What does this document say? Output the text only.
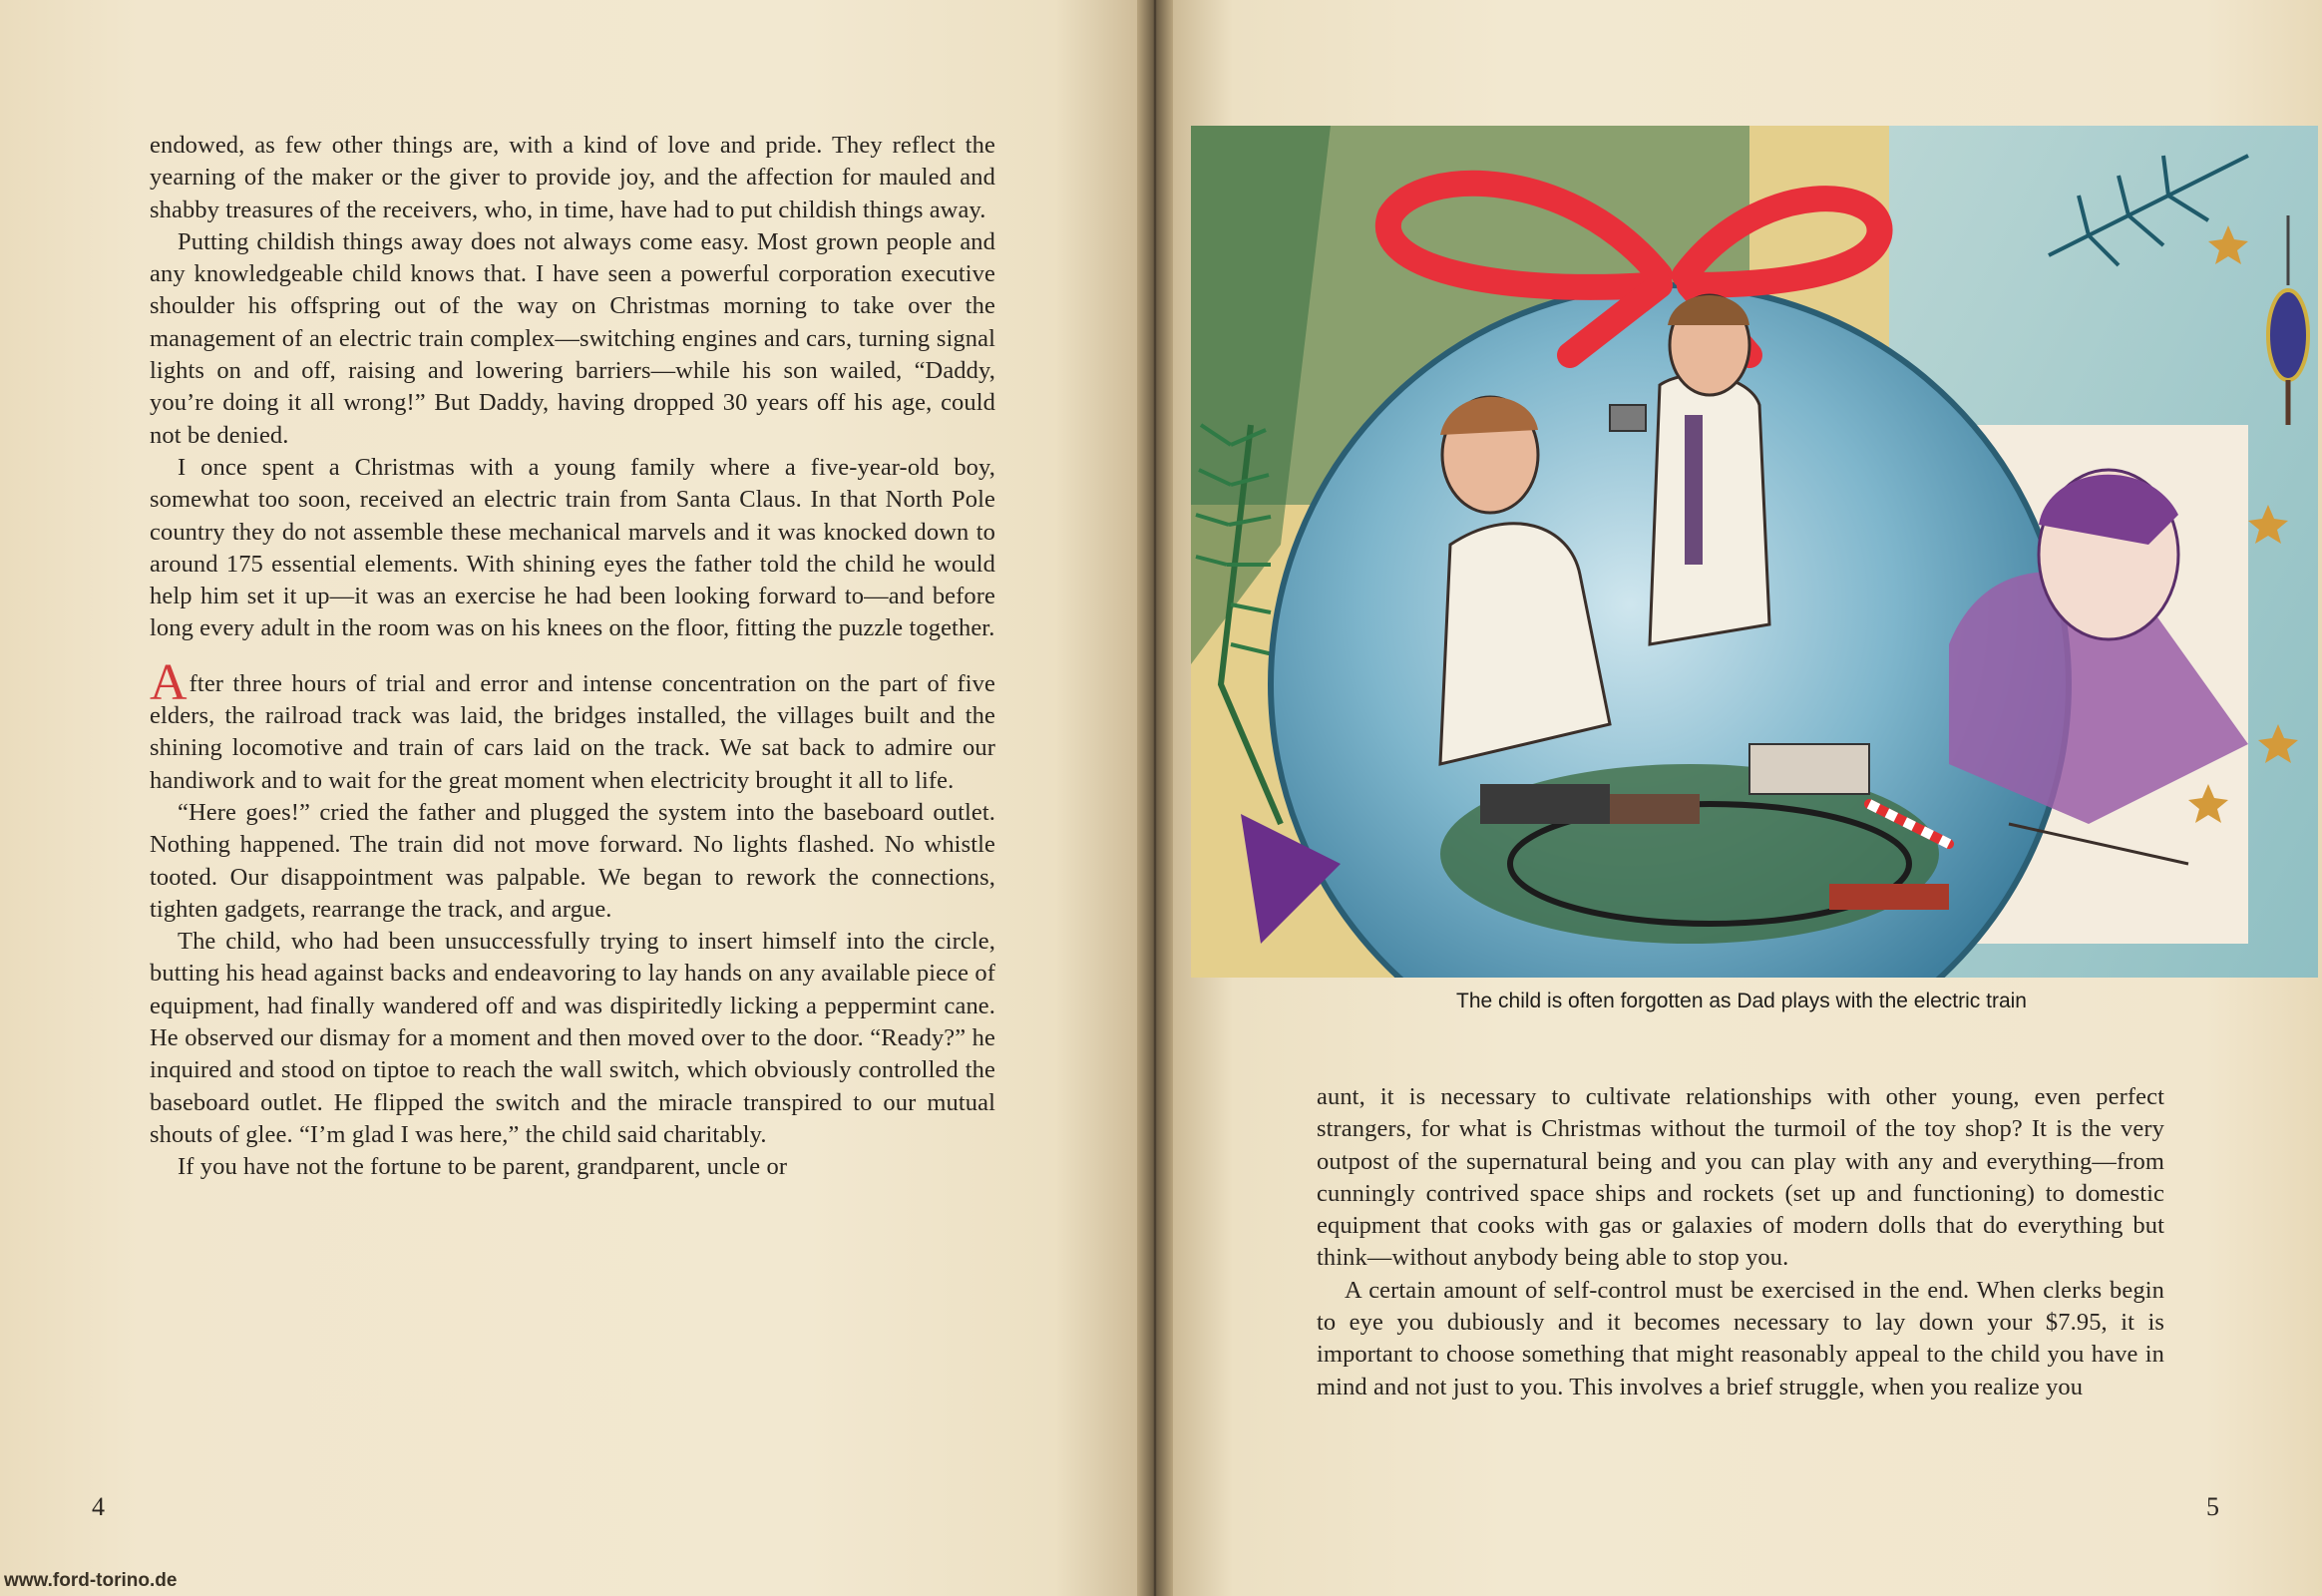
endowed, as few other things are, with a kind of love and pride. They reflect the yearning of the maker or the giver to provide joy, and the affection for mauled and shabby treasures of the receivers, who, in time, have had to put childish things away.

Putting childish things away does not always come easy. Most grown people and any knowledgeable child knows that. I have seen a powerful corporation executive shoulder his offspring out of the way on Christmas morning to take over the management of an electric train complex—switching engines and cars, turning signal lights on and off, raising and lowering barriers—while his son wailed, “Daddy, you’re doing it all wrong!” But Daddy, having dropped 30 years off his age, could not be denied.

I once spent a Christmas with a young family where a five-year-old boy, somewhat too soon, received an electric train from Santa Claus. In that North Pole country they do not assemble these mechanical marvels and it was knocked down to around 175 essential elements. With shining eyes the father told the child he would help him set it up—it was an exercise he had been looking forward to—and before long every adult in the room was on his knees on the floor, fitting the puzzle together.

After three hours of trial and error and intense concentration on the part of five elders, the railroad track was laid, the bridges installed, the villages built and the shining locomotive and train of cars laid on the track. We sat back to admire our handiwork and to wait for the great moment when electricity brought it all to life.

“Here goes!” cried the father and plugged the system into the baseboard outlet. Nothing happened. The train did not move forward. No lights flashed. No whistle tooted. Our disappointment was palpable. We began to rework the connections, tighten gadgets, rearrange the track, and argue.

The child, who had been unsuccessfully trying to insert himself into the circle, butting his head against backs and endeavoring to lay hands on any available piece of equipment, had finally wandered off and was dispiritedly licking a peppermint cane. He observed our dismay for a moment and then moved over to the door. “Ready?” he inquired and stood on tiptoe to reach the wall switch, which obviously controlled the baseboard outlet. He flipped the switch and the miracle transpired to our mutual shouts of glee. “I’m glad I was here,” the child said charitably.

If you have not the fortune to be parent, grandparent, uncle or

4
www.ford-torino.de
The child is often forgotten as Dad plays with the electric train

aunt, it is necessary to cultivate relationships with other young, even perfect strangers, for what is Christmas without the turmoil of the toy shop? It is the very outpost of the supernatural being and you can play with any and everything—from cunningly contrived space ships and rockets (set up and functioning) to domestic equipment that cooks with gas or galaxies of modern dolls that do everything but think—without anybody being able to stop you.

A certain amount of self-control must be exercised in the end. When clerks begin to eye you dubiously and it becomes necessary to lay down your $7.95, it is important to choose something that might reasonably appeal to the child you have in mind and not just to you. This involves a brief struggle, when you realize you

5
